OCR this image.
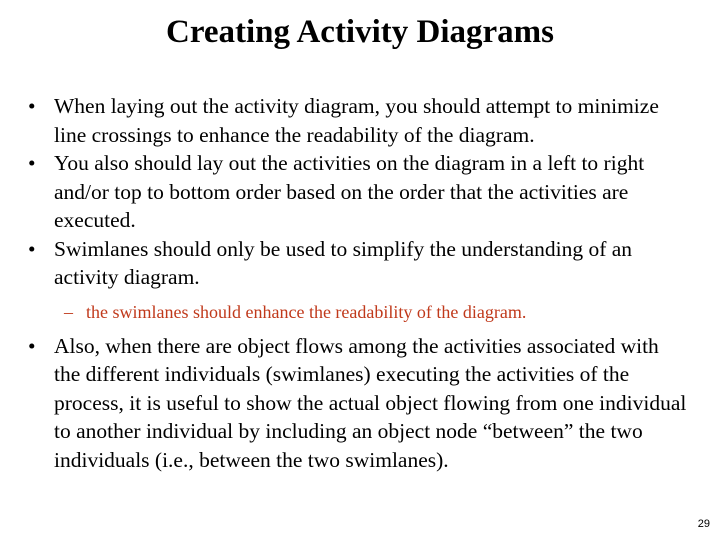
Creating Activity Diagrams
• When laying out the activity diagram, you should attempt to minimize line crossings to enhance the readability of the diagram.
• You also should lay out the activities on the diagram in a left to right and/or top to bottom order based on the order that the activities are executed.
• Swimlanes should only be used to simplify the understanding of an activity diagram.
– the swimlanes should enhance the readability of the diagram.
• Also, when there are object flows among the activities associated with the different individuals (swimlanes) executing the activities of the process, it is useful to show the actual object flowing from one individual to another individual by including an object node “between” the two individuals (i.e., between the two swimlanes).
29
